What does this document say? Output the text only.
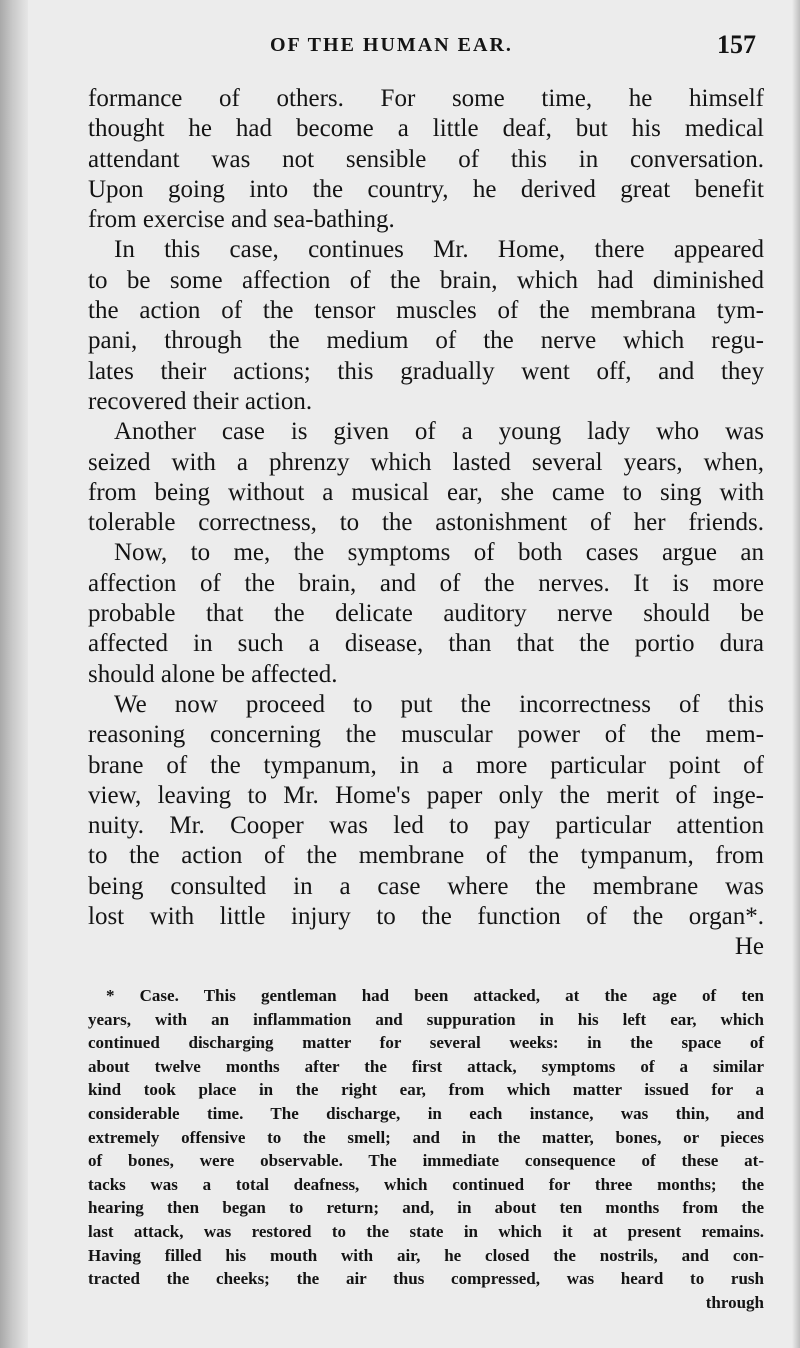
OF THE HUMAN EAR.	157
formance of others. For some time, he himself
thought he had become a little deaf, but his medical
attendant was not sensible of this in conversation.
Upon going into the country, he derived great benefit
from exercise and sea-bathing.
In this case, continues Mr. Home, there appeared
to be some affection of the brain, which had diminished
the action of the tensor muscles of the membrana tym-
pani, through the medium of the nerve which regu-
lates their actions; this gradually went off, and they
recovered their action.
Another case is given of a young lady who was
seized with a phrenzy which lasted several years, when,
from being without a musical ear, she came to sing with
tolerable correctness, to the astonishment of her friends.
Now, to me, the symptoms of both cases argue an
affection of the brain, and of the nerves. It is more
probable that the delicate auditory nerve should be
affected in such a disease, than that the portio dura
should alone be affected.
We now proceed to put the incorrectness of this
reasoning concerning the muscular power of the mem-
brane of the tympanum, in a more particular point of
view, leaving to Mr. Home's paper only the merit of inge-
nuity. Mr. Cooper was led to pay particular attention
to the action of the membrane of the tympanum, from
being consulted in a case where the membrane was
lost with little injury to the function of the organ*.
He
* Case. This gentleman had been attacked, at the age of ten
years, with an inflammation and suppuration in his left ear, which
continued discharging matter for several weeks: in the space of
about twelve months after the first attack, symptoms of a similar
kind took place in the right ear, from which matter issued for a
considerable time. The discharge, in each instance, was thin, and
extremely offensive to the smell; and in the matter, bones, or pieces
of bones, were observable. The immediate consequence of these at-
tacks was a total deafness, which continued for three months; the
hearing then began to return; and, in about ten months from the
last attack, was restored to the state in which it at present remains.
Having filled his mouth with air, he closed the nostrils, and con-
tracted the cheeks; the air thus compressed, was heard to rush
through
